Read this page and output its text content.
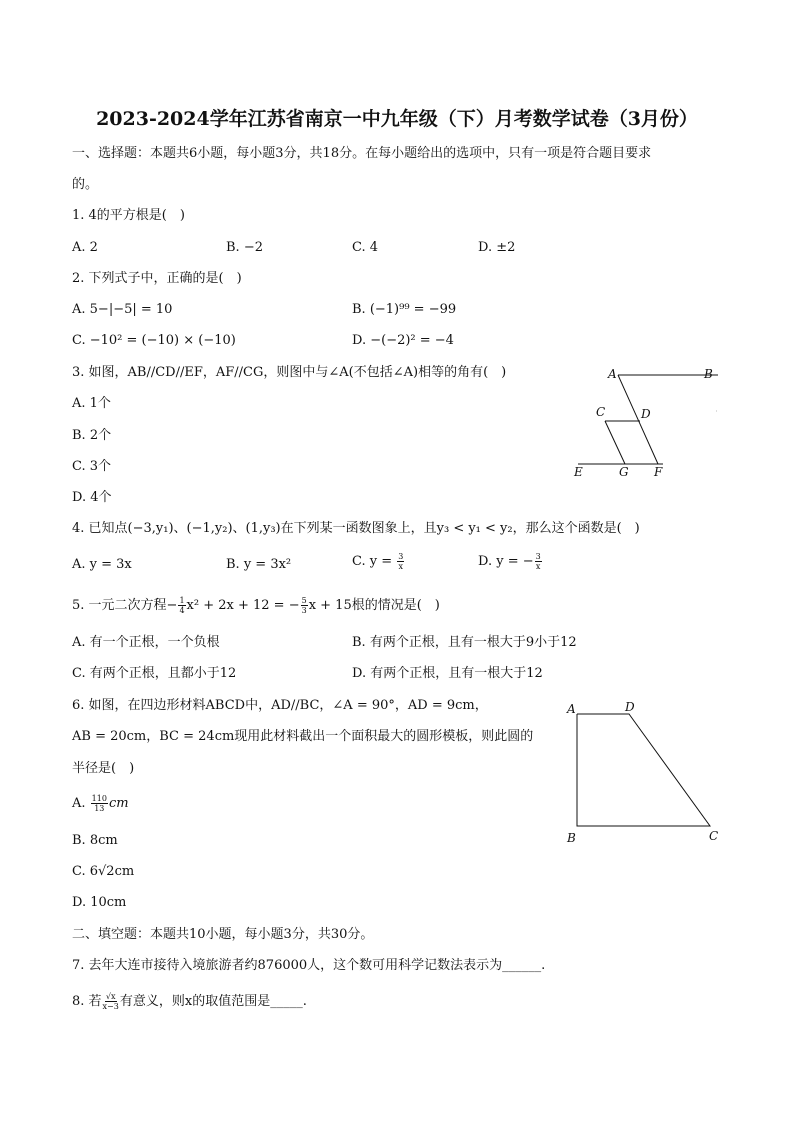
2023-2024学年江苏省南京一中九年级（下）月考数学试卷（3月份）
一、选择题：本题共6小题，每小题3分，共18分。在每小题给出的选项中，只有一项是符合题目要求
的。
1. 4的平方根是(　)
A. 2	B. −2	C. 4	D. ±2
2. 下列式子中，正确的是(　)
A. 5−|−5| = 10	B. (−1)⁹⁹ = −99
C. −10² = (−10) × (−10)	D. −(−2)² = −4
3. 如图，AB//CD//EF，AF//CG，则图中与∠A(不包括∠A)相等的角有(　)
A. 1个
B. 2个
C. 3个
D. 4个
A	B
C	D
E	G F
4. 已知点(−3,y₁)、(−1,y₂)、(1,y₃)在下列某一函数图象上，且y₃ < y₁ < y₂，那么这个函数是(　)
A. y = 3x	B. y = 3x²	C. $y = \frac{3}{x}$	D. y = − $\frac{3}{x}$
5. 一元二次方程− $\frac{1}{4} x^2 + 2x + 12$ = − $\frac{5}{3}$ x + 15根的情况是(　)
A. 有一个正根，一个负根	B. 有两个正根，且有一根大于9小于12
C. 有两个正根，且都小于12	D. 有两个正根，且有一根大于12
6. 如图，在四边形材料ABCD中，AD//BC，∠A = 90°，AD = 9cm，
AB = 20cm，BC = 24cm现用此材料截出一个面积最大的圆形模板，则此圆的
半径是(　)
A. $\frac{110}{13}$ cm
B. 8cm
C. 6√2cm
D. 10cm
A	D
B	C
二、填空题：本题共10小题，每小题3分，共30分。
7. 去年大连市接待入境旅游者约876000人，这个数可用科学记数法表示为______.
8. 若 $\frac{√x}{x-3}$ 有意义，则x的取值范围是_____.
